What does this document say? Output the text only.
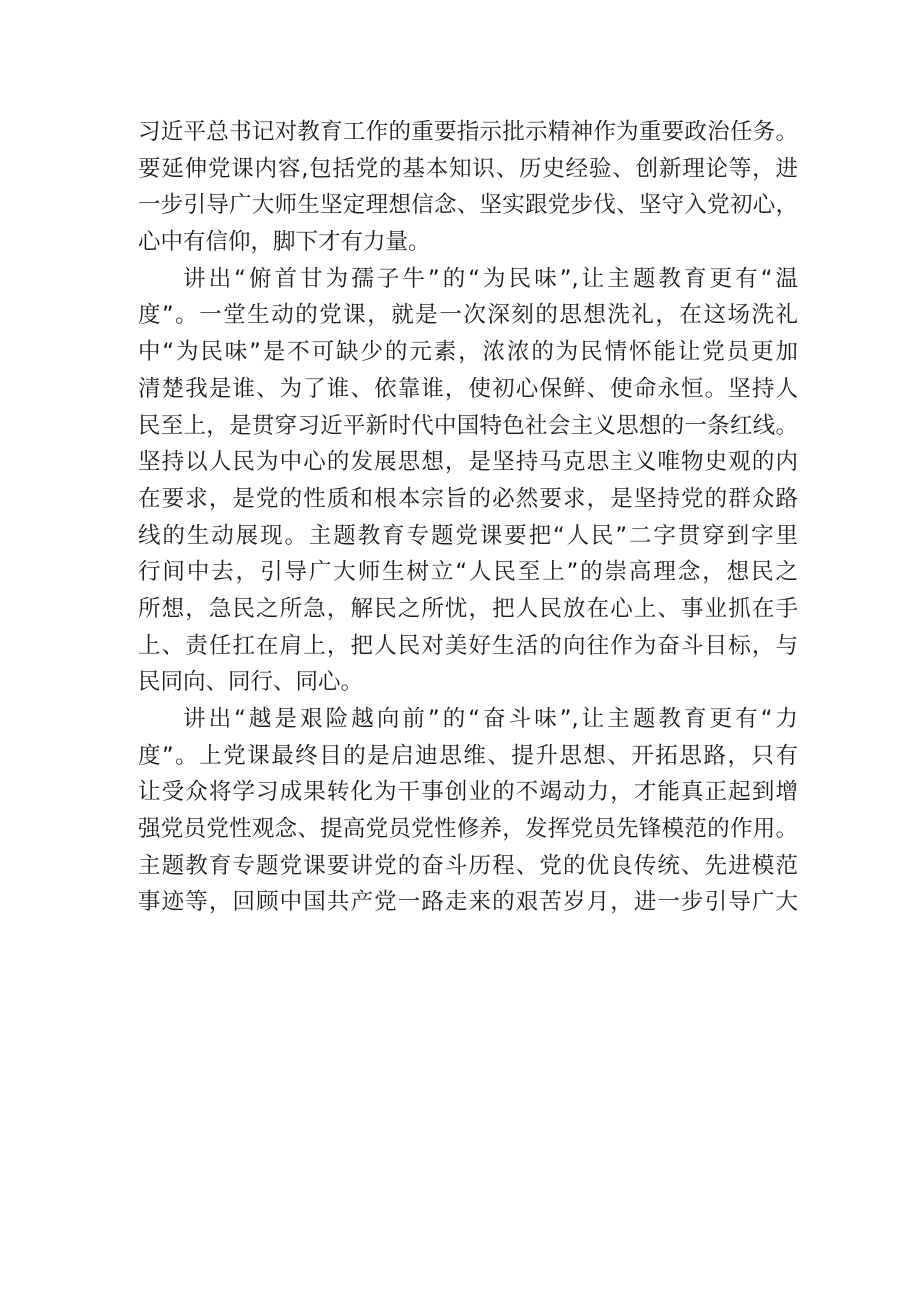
习近平总书记对教育工作的重要指示批示精神作为重要政治任务。
要延伸党课内容,包括党的基本知识、历史经验、创新理论等，进
一步引导广大师生坚定理想信念、坚实跟党步伐、坚守入党初心，
心中有信仰，脚下才有力量。
讲出“俯首甘为孺子牛”的“为民味”,让主题教育更有“温
度”。一堂生动的党课，就是一次深刻的思想洗礼，在这场洗礼
中“为民味”是不可缺少的元素，浓浓的为民情怀能让党员更加
清楚我是谁、为了谁、依靠谁，使初心保鲜、使命永恒。坚持人
民至上，是贯穿习近平新时代中国特色社会主义思想的一条红线。
坚持以人民为中心的发展思想，是坚持马克思主义唯物史观的内
在要求，是党的性质和根本宗旨的必然要求，是坚持党的群众路
线的生动展现。主题教育专题党课要把“人民”二字贯穿到字里
行间中去，引导广大师生树立“人民至上”的崇高理念，想民之
所想，急民之所急，解民之所忧，把人民放在心上、事业抓在手
上、责任扛在肩上，把人民对美好生活的向往作为奋斗目标，与
民同向、同行、同心。
讲出“越是艰险越向前”的“奋斗味”,让主题教育更有“力
度”。上党课最终目的是启迪思维、提升思想、开拓思路，只有
让受众将学习成果转化为干事创业的不竭动力，才能真正起到增
强党员党性观念、提高党员党性修养，发挥党员先锋模范的作用。
主题教育专题党课要讲党的奋斗历程、党的优良传统、先进模范
事迹等，回顾中国共产党一路走来的艰苦岁月，进一步引导广大
